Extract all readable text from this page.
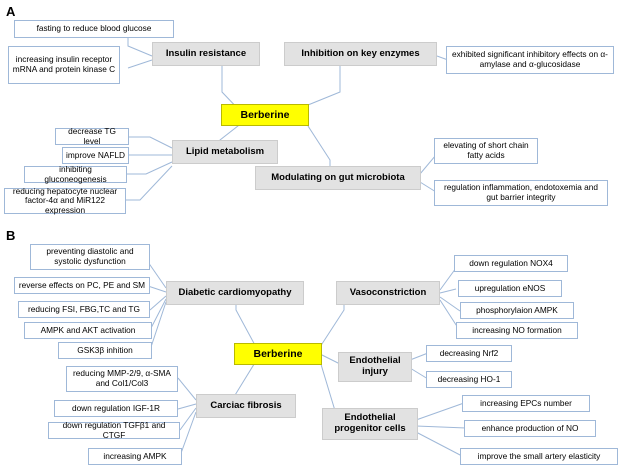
A
B
fasting to reduce blood glucose
increasing insulin receptor mRNA and protein kinase C
Insulin resistance	Inhibition on key enzymes	exhibited significant inhibitory effects on α-amylase and α-glucosidase
Berberine
decrease TG level
improve NAFLD
inhibiting gluconeogenesis
reducing hepatocyte nuclear factor-4α and MiR122 expression
Lipid metabolism
Modulating on gut microbiota
elevating of short chain fatty acids
regulation inflammation, endotoxemia and gut barrier integrity
preventing diastolic and systolic dysfunction
reverse effects on PC, PE and SM
reducing FSI, FBG,TC and TG
AMPK and AKT activation
GSK3β inhition
Diabetic cardiomyopathy	Vasoconstriction
down regulation NOX4
upregulation eNOS
phosphorylaion AMPK
increasing NO formation
Berberine
Endothelial injury
decreasing Nrf2
decreasing HO-1
reducing MMP-2/9, α-SMA and Col1/Col3
down regulation IGF-1R
down regulation TGFβ1 and CTGF
increasing AMPK
Carciac fibrosis
Endothelial progenitor cells
increasing EPCs number
enhance production of NO
improve the small artery elasticity
